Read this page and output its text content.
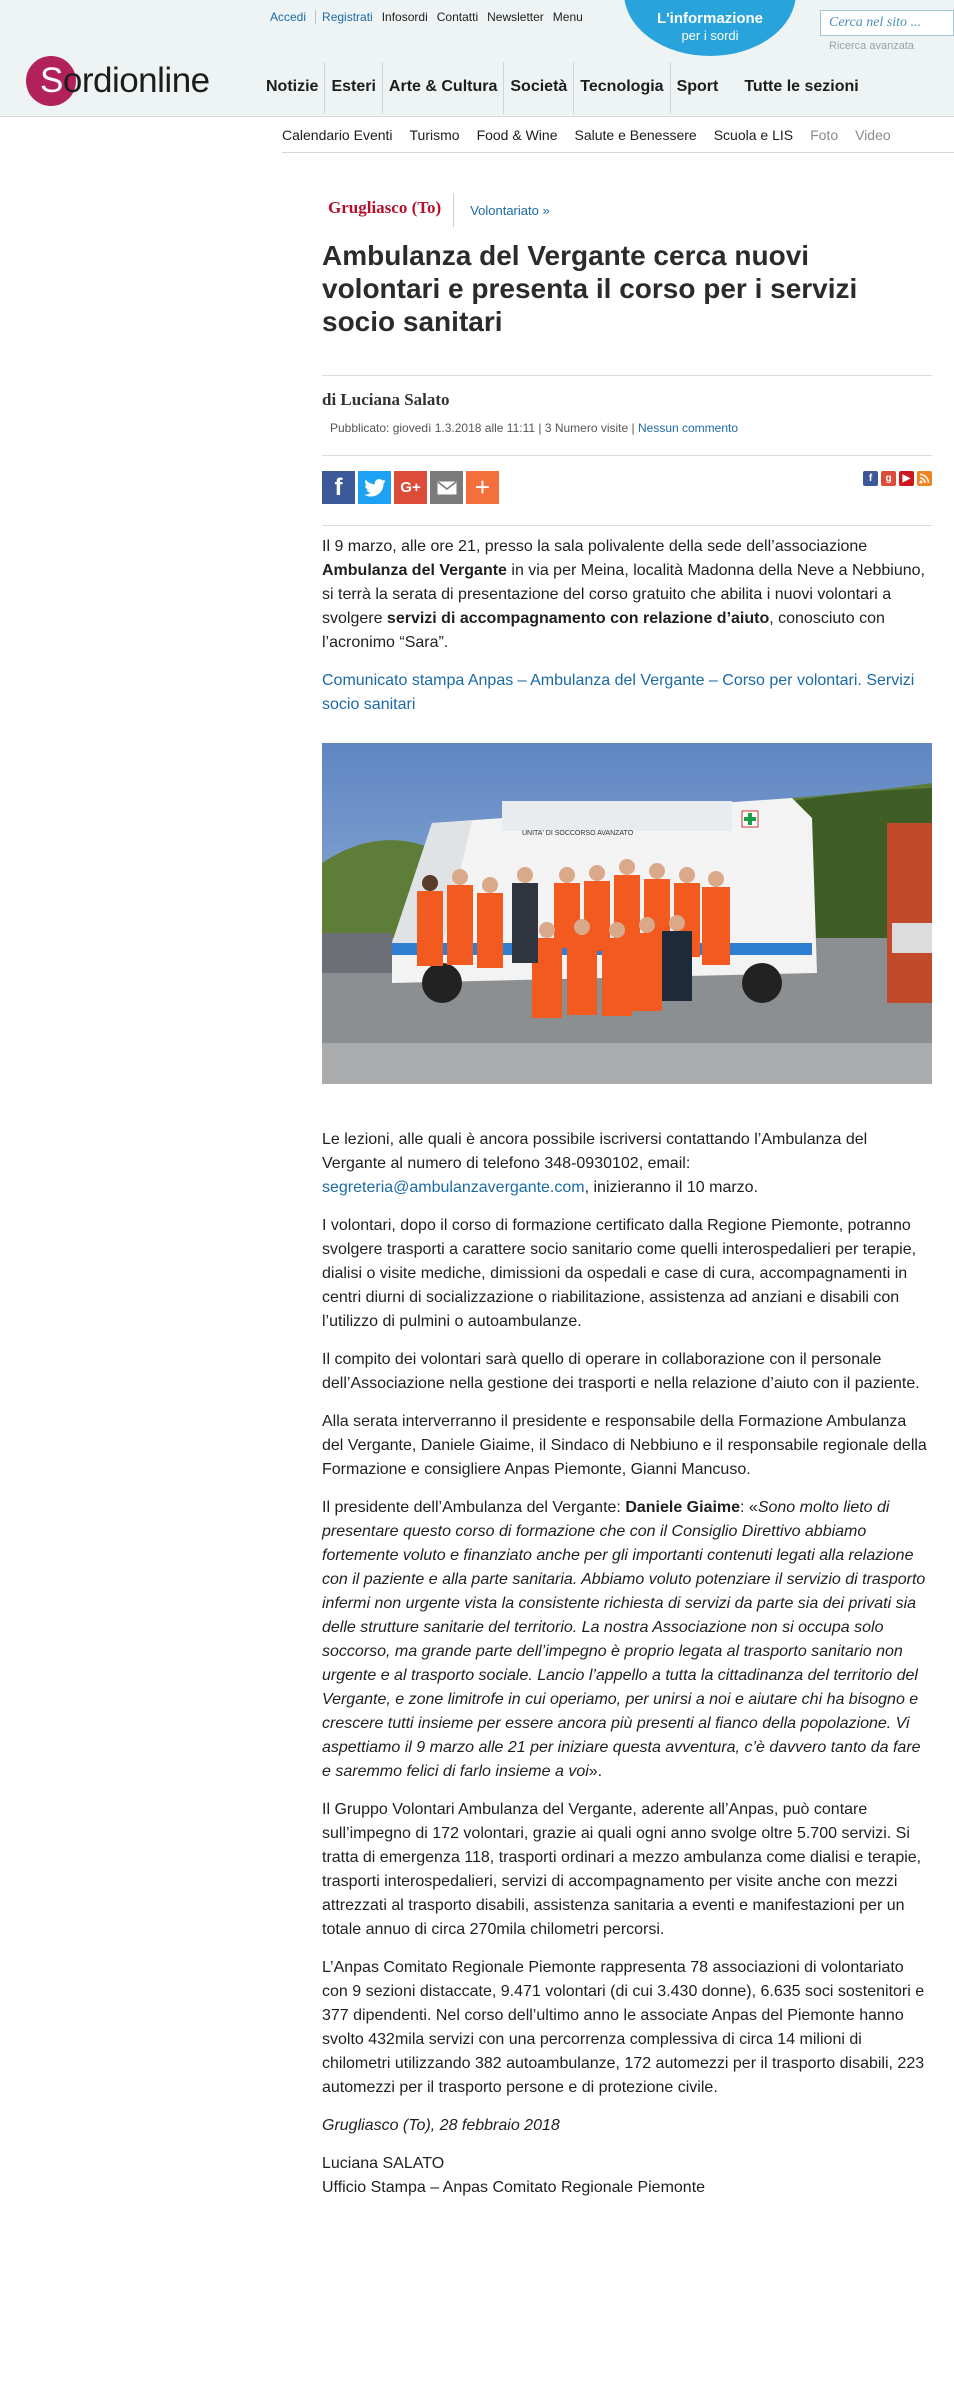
Accedi	Registrati Infosordi Contatti Newsletter Menu	L'informazione
per i sordi
Cerca nel sito ...
Ricerca avanzata
Sordionline	Notizie Esteri Arte & Cultura Società Tecnologia Sport	Tutte le sezioni
Calendario Eventi Turismo Food & Wine Salute e Benessere Scuola e LIS Foto Video
Grugliasco (To)	Volontariato »
Ambulanza del Vergante cerca nuovi volontari e presenta il corso per i servizi socio sanitari
di Luciana Salato
Pubblicato: giovedì 1.3.2018 alle 11:11 | 3 Numero visite | Nessun commento
f	G+	+	f	g	▶

Il 9 marzo, alle ore 21, presso la sala polivalente della sede dell’associazione Ambulanza del Vergante in via per Meina, località Madonna della Neve a Nebbiuno, si terrà la serata di presentazione del corso gratuito che abilita i nuovi volontari a svolgere servizi di accompagnamento con relazione d’aiuto, conosciuto con l’acronimo “Sara”.

Comunicato stampa Anpas – Ambulanza del Vergante – Corso per volontari. Servizi socio sanitari

UNITA' DI SOCCORSO AVANZATO

Le lezioni, alle quali è ancora possibile iscriversi contattando l’Ambulanza del Vergante al numero di telefono 348-0930102, email: segreteria@ambulanzavergante.com, inizieranno il 10 marzo.

I volontari, dopo il corso di formazione certificato dalla Regione Piemonte, potranno svolgere trasporti a carattere socio sanitario come quelli interospedalieri per terapie, dialisi o visite mediche, dimissioni da ospedali e case di cura, accompagnamenti in centri diurni di socializzazione o riabilitazione, assistenza ad anziani e disabili con l’utilizzo di pulmini o autoambulanze.

Il compito dei volontari sarà quello di operare in collaborazione con il personale dell’Associazione nella gestione dei trasporti e nella relazione d’aiuto con il paziente.

Alla serata interverranno il presidente e responsabile della Formazione Ambulanza del Vergante, Daniele Giaime, il Sindaco di Nebbiuno e il responsabile regionale della Formazione e consigliere Anpas Piemonte, Gianni Mancuso.

Il presidente dell’Ambulanza del Vergante: Daniele Giaime: «Sono molto lieto di presentare questo corso di formazione che con il Consiglio Direttivo abbiamo fortemente voluto e finanziato anche per gli importanti contenuti legati alla relazione con il paziente e alla parte sanitaria. Abbiamo voluto potenziare il servizio di trasporto infermi non urgente vista la consistente richiesta di servizi da parte sia dei privati sia delle strutture sanitarie del territorio. La nostra Associazione non si occupa solo soccorso, ma grande parte dell’impegno è proprio legata al trasporto sanitario non urgente e al trasporto sociale. Lancio l’appello a tutta la cittadinanza del territorio del Vergante, e zone limitrofe in cui operiamo, per unirsi a noi e aiutare chi ha bisogno e crescere tutti insieme per essere ancora più presenti al fianco della popolazione. Vi aspettiamo il 9 marzo alle 21 per iniziare questa avventura, c’è davvero tanto da fare e saremmo felici di farlo insieme a voi».

Il Gruppo Volontari Ambulanza del Vergante, aderente all’Anpas, può contare sull’impegno di 172 volontari, grazie ai quali ogni anno svolge oltre 5.700 servizi. Si tratta di emergenza 118, trasporti ordinari a mezzo ambulanza come dialisi e terapie, trasporti interospedalieri, servizi di accompagnamento per visite anche con mezzi attrezzati al trasporto disabili, assistenza sanitaria a eventi e manifestazioni per un totale annuo di circa 270mila chilometri percorsi.

L’Anpas Comitato Regionale Piemonte rappresenta 78 associazioni di volontariato con 9 sezioni distaccate, 9.471 volontari (di cui 3.430 donne), 6.635 soci sostenitori e 377 dipendenti. Nel corso dell’ultimo anno le associate Anpas del Piemonte hanno svolto 432mila servizi con una percorrenza complessiva di circa 14 milioni di chilometri utilizzando 382 autoambulanze, 172 automezzi per il trasporto disabili, 223 automezzi per il trasporto persone e di protezione civile.

Grugliasco (To), 28 febbraio 2018

Luciana SALATO

Ufficio Stampa – Anpas Comitato Regionale Piemonte
